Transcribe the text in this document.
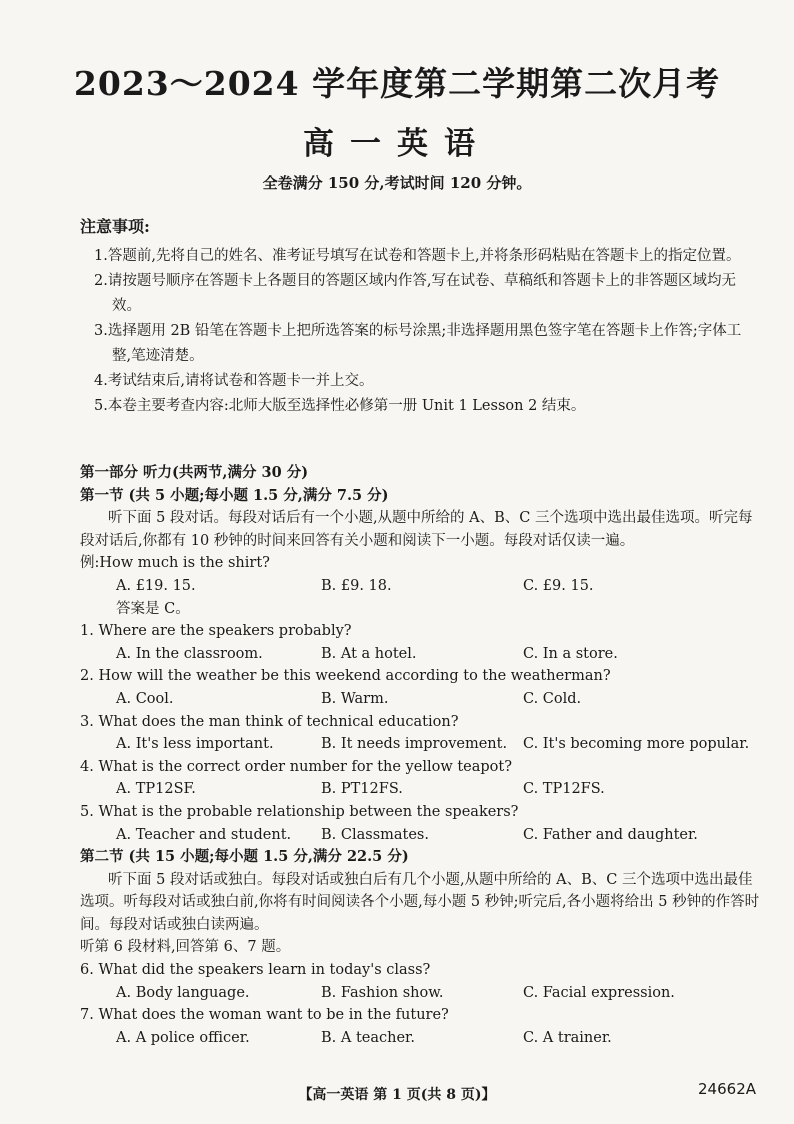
2023～2024 学年度第二学期第二次月考
高一英语
全卷满分 150 分,考试时间 120 分钟。
注意事项:

1.答题前,先将自己的姓名、准考证号填写在试卷和答题卡上,并将条形码粘贴在答题卡上的指定位置。

2.请按题号顺序在答题卡上各题目的答题区域内作答,写在试卷、草稿纸和答题卡上的非答题区域均无效。

3.选择题用 2B 铅笔在答题卡上把所选答案的标号涂黑;非选择题用黑色签字笔在答题卡上作答;字体工整,笔迹清楚。

4.考试结束后,请将试卷和答题卡一并上交。

5.本卷主要考查内容:北师大版至选择性必修第一册 Unit 1 Lesson 2 结束。

第一部分 听力(共两节,满分 30 分)

第一节 (共 5 小题;每小题 1.5 分,满分 7.5 分)

听下面 5 段对话。每段对话后有一个小题,从题中所给的 A、B、C 三个选项中选出最佳选项。听完每段对话后,你都有 10 秒钟的时间来回答有关小题和阅读下一小题。每段对话仅读一遍。

例:How much is the shirt?

A. £19. 15.	B. £9. 18.	C. £9. 15.

答案是 C。

1. Where are the speakers probably?

A. In the classroom.	B. At a hotel.	C. In a store.

2. How will the weather be this weekend according to the weatherman?

A. Cool.	B. Warm.	C. Cold.

3. What does the man think of technical education?

A. It's less important.	B. It needs improvement.	C. It's becoming more popular.

4. What is the correct order number for the yellow teapot?

A. TP12SF.	B. PT12FS.	C. TP12FS.

5. What is the probable relationship between the speakers?

A. Teacher and student.	B. Classmates.	C. Father and daughter.

第二节 (共 15 小题;每小题 1.5 分,满分 22.5 分)

听下面 5 段对话或独白。每段对话或独白后有几个小题,从题中所给的 A、B、C 三个选项中选出最佳选项。听每段对话或独白前,你将有时间阅读各个小题,每小题 5 秒钟;听完后,各小题将给出 5 秒钟的作答时间。每段对话或独白读两遍。

听第 6 段材料,回答第 6、7 题。

6. What did the speakers learn in today's class?

A. Body language.	B. Fashion show.	C. Facial expression.

7. What does the woman want to be in the future?

A. A police officer.	B. A teacher.	C. A trainer.
【高一英语 第 1 页(共 8 页)】	24662A
